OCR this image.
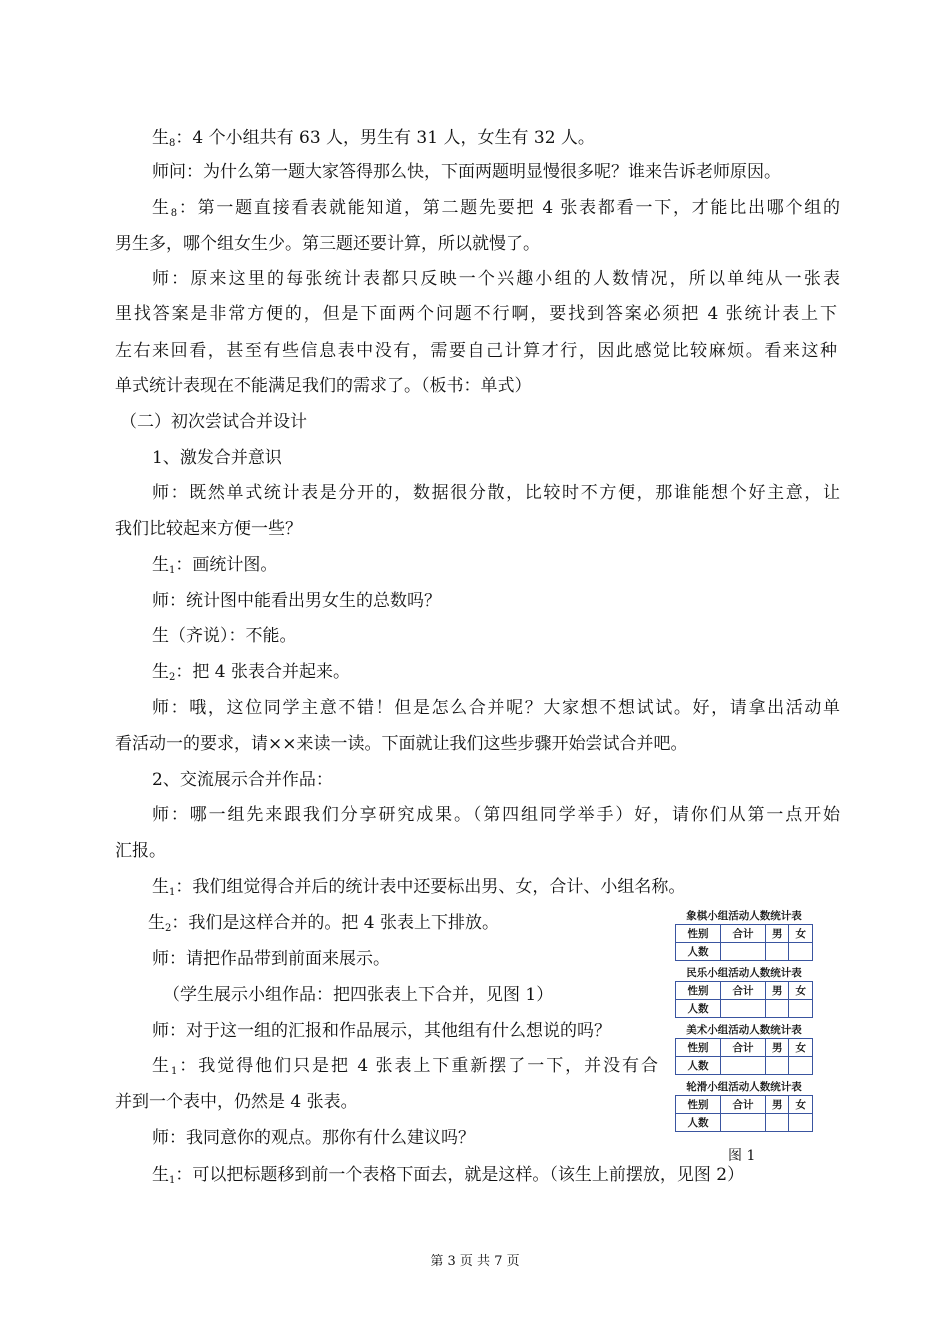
生$_8$：4 个小组共有 63 人，男生有 31 人，女生有 32 人。
师问：为什么第一题大家答得那么快，下面两题明显慢很多呢？谁来告诉老师原因。
生$_8$：第一题直接看表就能知道，第二题先要把 4 张表都看一下，才能比出哪个组的
男生多，哪个组女生少。第三题还要计算，所以就慢了。
师：原来这里的每张统计表都只反映一个兴趣小组的人数情况，所以单纯从一张表
里找答案是非常方便的，但是下面两个问题不行啊，要找到答案必须把 4 张统计表上下
左右来回看，甚至有些信息表中没有，需要自己计算才行，因此感觉比较麻烦。看来这种
单式统计表现在不能满足我们的需求了。（板书：单式）
（二）初次尝试合并设计
1、激发合并意识
师：既然单式统计表是分开的，数据很分散，比较时不方便，那谁能想个好主意，让
我们比较起来方便一些？
生$_1$：画统计图。
师：统计图中能看出男女生的总数吗？
生（齐说）：不能。
生$_2$：把 4 张表合并起来。
师：哦，这位同学主意不错！但是怎么合并呢？大家想不想试试。好，请拿出活动单
看活动一的要求，请××来读一读。下面就让我们这些步骤开始尝试合并吧。
2、交流展示合并作品：
师：哪一组先来跟我们分享研究成果。（第四组同学举手）好，请你们从第一点开始
汇报。
生$_1$：我们组觉得合并后的统计表中还要标出男、女，合计、小组名称。
生$_2$：我们是这样合并的。把 4 张表上下排放。
师：请把作品带到前面来展示。
（学生展示小组作品：把四张表上下合并，见图 1）
师：对于这一组的汇报和作品展示，其他组有什么想说的吗？
生$_1$：我觉得他们只是把 4 张表上下重新摆了一下，并没有合
并到一个表中，仍然是 4 张表。
师：我同意你的观点。那你有什么建议吗？
生$_1$：可以把标题移到前一个表格下面去，就是这样。（该生上前摆放，见图 2）
象棋小组活动人数统计表
性别	合计	男	女
人数			
民乐小组活动人数统计表
性别	合计	男	女
人数			
美术小组活动人数统计表
性别	合计	男	女
人数			
轮滑小组活动人数统计表
性别	合计	男	女
人数			
图 1
第 3 页 共 7 页
